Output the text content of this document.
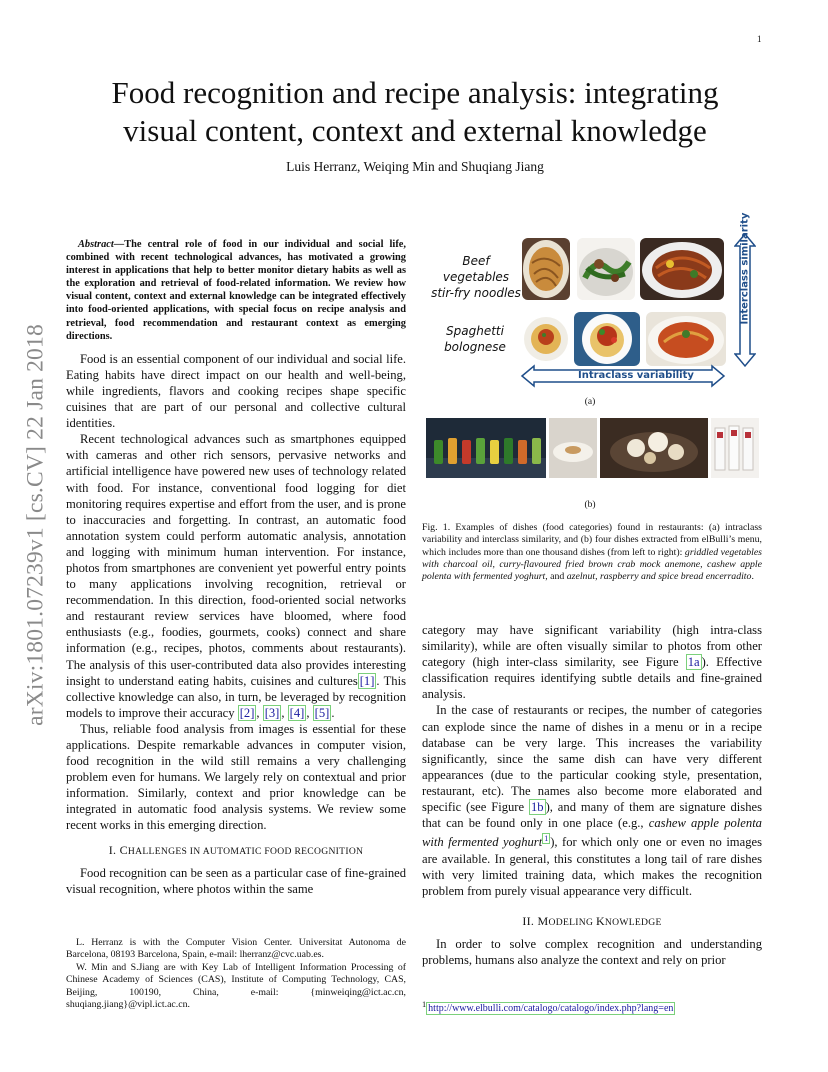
1
arXiv:1801.07239v1 [cs.CV] 22 Jan 2018
Food recognition and recipe analysis: integrating
visual content, context and external knowledge
Luis Herranz, Weiqing Min and Shuqiang Jiang

Abstract—The central role of food in our individual and social life, combined with recent technological advances, has motivated a growing interest in applications that help to better monitor dietary habits as well as the exploration and retrieval of food-related information. We review how visual content, context and external knowledge can be integrated effectively into food-oriented applications, with special focus on recipe analysis and retrieval, food recommendation and restaurant context as emerging directions.

Food is an essential component of our individual and social life. Eating habits have direct impact on our health and well-being, while ingredients, flavors and cooking recipes shape specific cuisines that are part of our personal and collective cultural identities.

Recent technological advances such as smartphones equipped with cameras and other rich sensors, pervasive networks and artificial intelligence have powered new uses of technology related with food. For instance, conventional food logging for diet monitoring requires expertise and effort from the user, and is prone to inaccuracies and forgetting. In contrast, an automatic food annotation system could perform automatic analysis, annotation and logging with minimum human intervention. For instance, photos from smartphones are convenient yet powerful entry points to many applications involving recognition, retrieval or recommendation. In this direction, food-oriented social networks and restaurant review services have bloomed, where food enthusiasts (e.g., foodies, gourmets, cooks) connect and share information (e.g., recipes, photos, comments about restaurants). The analysis of this user-contributed data also provides interesting insight to understand eating habits, cuisines and cultures [1] . This collective knowledge can also, in turn, be leveraged by recognition models to improve their accuracy [2] , [3] , [4] , [5] .

Thus, reliable food analysis from images is essential for these applications. Despite remarkable advances in computer vision, food recognition in the wild still remains a very challenging problem even for humans. We largely rely on contextual and prior information. Similarly, context and prior knowledge can be integrated in automatic food analysis systems. We review some recent works in this emerging direction.

I. CHALLENGES IN AUTOMATIC FOOD RECOGNITION

Food recognition can be seen as a particular case of fine-grained visual recognition, where photos within the same

L. Herranz is with the Computer Vision Center. Universitat Autonoma de Barcelona, 08193 Barcelona, Spain, e-mail: lherranz@cvc.uab.es.

W. Min and S.Jiang are with Key Lab of Intelligent Information Processing of Chinese Academy of Sciences (CAS), Institute of Computing Technology, CAS, Beijing, 100190, China, e-mail: {minweiqing@ict.ac.cn, shuqiang.jiang}@vipl.ict.ac.cn.

Beef vegetables
stir-fry noodles
Spaghetti
bolognese
Intraclass variability
(a)
(b)
Fig. 1. Examples of dishes (food categories) found in restaurants: (a) intraclass variability and interclass similarity, and (b) four dishes extracted from elBulli’s menu, which includes more than one thousand dishes (from left to right): griddled vegetables with charcoal oil, curry-flavoured fried brown crab mock anemone, cashew apple polenta with fermented yoghurt, and azelnut, raspberry and spice bread encerradito.

category may have significant variability (high intra-class similarity), while are often visually similar to photos from other category (high inter-class similarity, see Figure 1a ). Effective classification requires identifying subtle details and fine-grained analysis.

In the case of restaurants or recipes, the number of categories can explode since the name of dishes in a menu or in a recipe database can be very large. This increases the variability significantly, since the same dish can have very different appearances (due to the particular cooking style, presentation, restaurant, etc). The names also become more elaborated and specific (see Figure 1b ), and many of them are signature dishes that can be found only in one place (e.g., cashew apple polenta with fermented yoghurt $^1$ ), for which only one or even no images are available. In general, this constitutes a long tail of rare dishes with very limited training data, which makes the recognition problem from purely visual appearance very difficult.

II. MODELING KNOWLEDGE

In order to solve complex recognition and understanding problems, humans also analyze the context and rely on prior

$^1$ http://www.elbulli.com/catalogo/catalogo/index.php?lang=en
